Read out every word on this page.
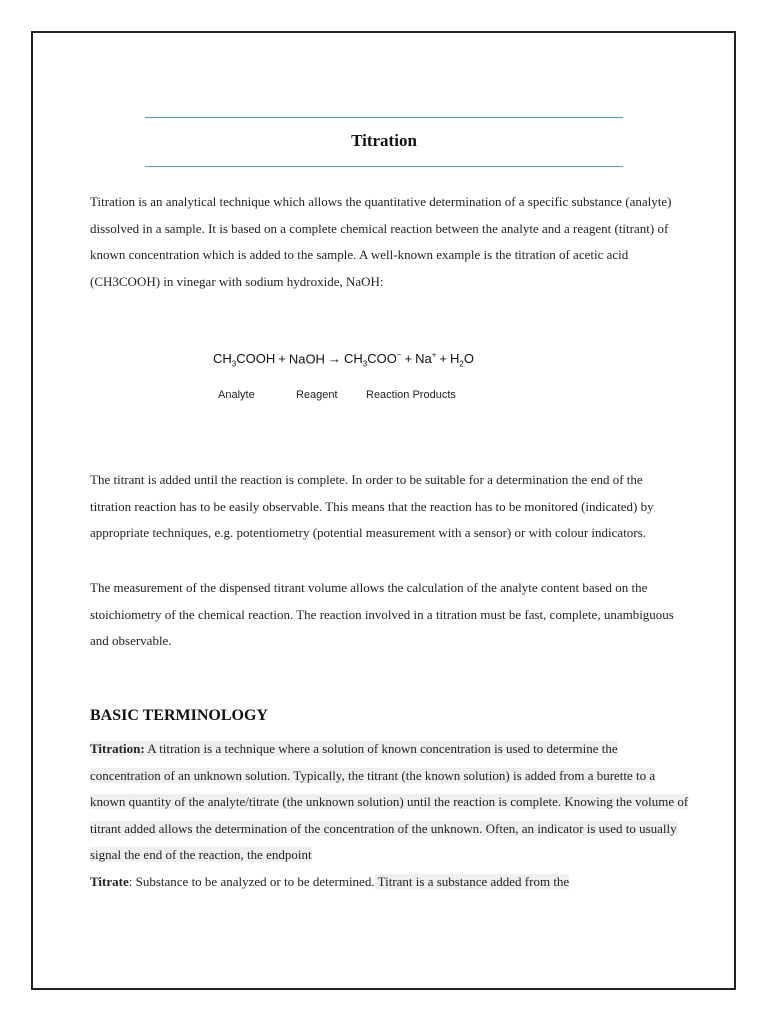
Titration

Titration is an analytical technique which allows the quantitative determination of a specific substance (analyte) dissolved in a sample. It is based on a complete chemical reaction between the analyte and a reagent (titrant) of known concentration which is added to the sample. A well-known example is the titration of acetic acid (CH3COOH) in vinegar with sodium hydroxide, NaOH:

$CH_3COOH$ + NaOH → $CH_3COO^- + Na^+ + H_2O$
Analyte	Reagent	Reaction Products

The titrant is added until the reaction is complete. In order to be suitable for a determination the end of the titration reaction has to be easily observable. This means that the reaction has to be monitored (indicated) by appropriate techniques, e.g. potentiometry (potential measurement with a sensor) or with colour indicators.

The measurement of the dispensed titrant volume allows the calculation of the analyte content based on the stoichiometry of the chemical reaction. The reaction involved in a titration must be fast, complete, unambiguous and observable.

BASIC TERMINOLOGY
Titration: A titration is a technique where a solution of known concentration is used to determine the concentration of an unknown solution. Typically, the titrant (the known solution) is added from a burette to a known quantity of the analyte/titrate (the unknown solution) until the reaction is complete. Knowing the volume of titrant added allows the determination of the concentration of the unknown. Often, an indicator is used to usually signal the end of the reaction, the endpoint
Titrate: Substance to be analyzed or to be determined. Titrant is a substance added from the
